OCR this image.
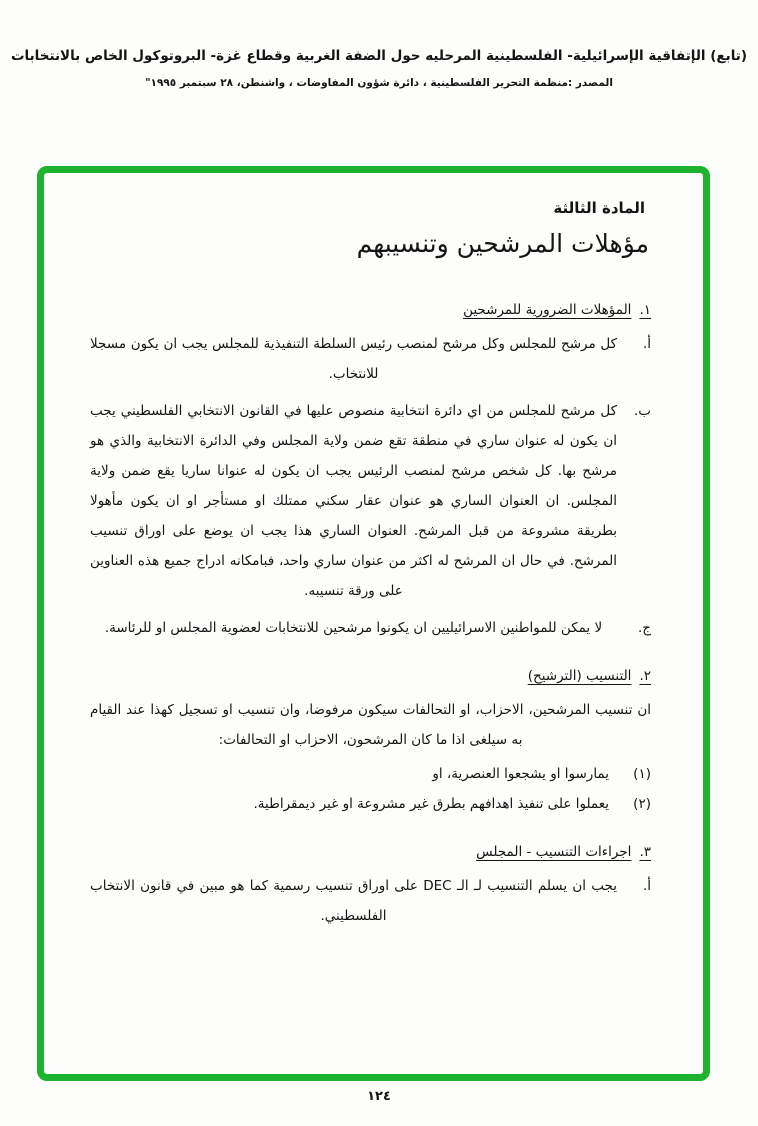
(تابع) الإتفاقية الإسرائيلية- الفلسطينية المرحليه حول الضفة الغربية وقطاع غزة- البروتوكول الخاص بالانتخابات
المصدر :منظمة التحرير الفلسطينية ، دائرة شؤون المفاوضات ، واشنطن، ٢٨ سبتمبر ١٩٩٥"
المادة الثالثة
مؤهلات المرشحين وتنسيبهم
١.المؤهلات الضرورية للمرشحين
أ.
كل مرشح للمجلس وكل مرشح لمنصب رئيس السلطة التنفيذية للمجلس يجب ان يكون مسجلا للانتخاب.
ب.
كل مرشح للمجلس من اي دائرة انتخابية منصوص عليها في القانون الانتخابي الفلسطيني يجب ان يكون له عنوان ساري في منطقة تقع ضمن ولاية المجلس وفي الدائرة الانتخابية والذي هو مرشح بها. كل شخص مرشح لمنصب الرئيس يجب ان يكون له عنوانا ساريا يقع ضمن ولاية المجلس. ان العنوان الساري هو عنوان عقار سكني ممتلك او مستأجر او ان يكون مأهولا بطريقة مشروعة من قبل المرشح. العنوان الساري هذا يجب ان يوضع على اوراق تنسيب المرشح. في حال ان المرشح له اكثر من عنوان ساري واحد، فبامكانه ادراج جميع هذه العناوين على ورقة تنسيبه.
ج.
لا يمكن للمواطنين الاسرائيليين ان يكونوا مرشحين للانتخابات لعضوية المجلس او للرئاسة.
٢.التنسيب (الترشيح)
ان تنسيب المرشحين، الاحزاب، او التحالفات سيكون مرفوضا، وان تنسيب او تسجيل كهذا عند القيام به سيلغى اذا ما كان المرشحون، الاحزاب او التحالفات:
(١)
يمارسوا او يشجعوا العنصرية، او
(٢)
يعملوا على تنفيذ اهدافهم بطرق غير مشروعة او غير ديمقراطية.
٣.اجراءات التنسيب - المجلس
أ.
يجب ان يسلم التنسيب لـ الـ DEC على اوراق تنسيب رسمية كما هو مبين في قانون الانتخاب الفلسطيني.
١٢٤
